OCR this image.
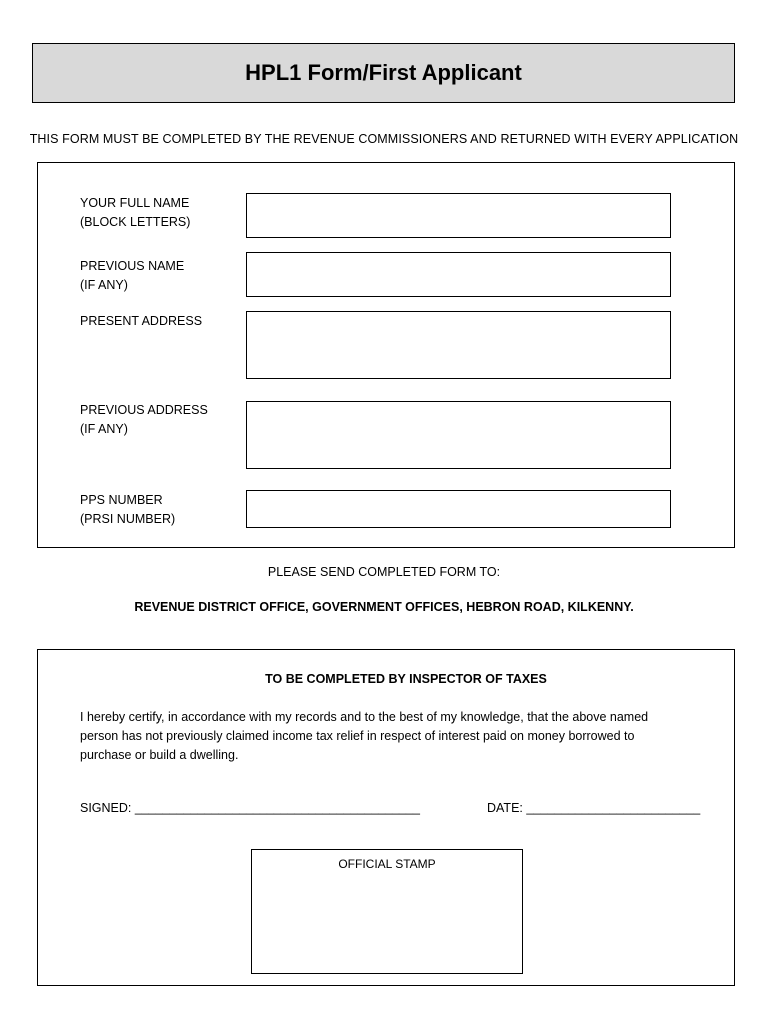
HPL1 Form/First Applicant
THIS FORM MUST BE COMPLETED BY THE REVENUE COMMISSIONERS AND RETURNED WITH EVERY APPLICATION
YOUR FULL NAME
(BLOCK LETTERS)
PREVIOUS NAME
(IF ANY)
PRESENT ADDRESS
PREVIOUS ADDRESS
(IF ANY)
PPS NUMBER
(PRSI NUMBER)
PLEASE SEND COMPLETED FORM TO:
REVENUE DISTRICT OFFICE, GOVERNMENT OFFICES, HEBRON ROAD, KILKENNY.
TO BE COMPLETED BY INSPECTOR OF TAXES
I hereby certify, in accordance with my records and to the best of my knowledge, that the above named
person has not previously claimed income tax relief in respect of interest paid on money borrowed to
purchase or build a dwelling.
SIGNED: _________________________________________	DATE: _________________________
OFFICIAL STAMP
